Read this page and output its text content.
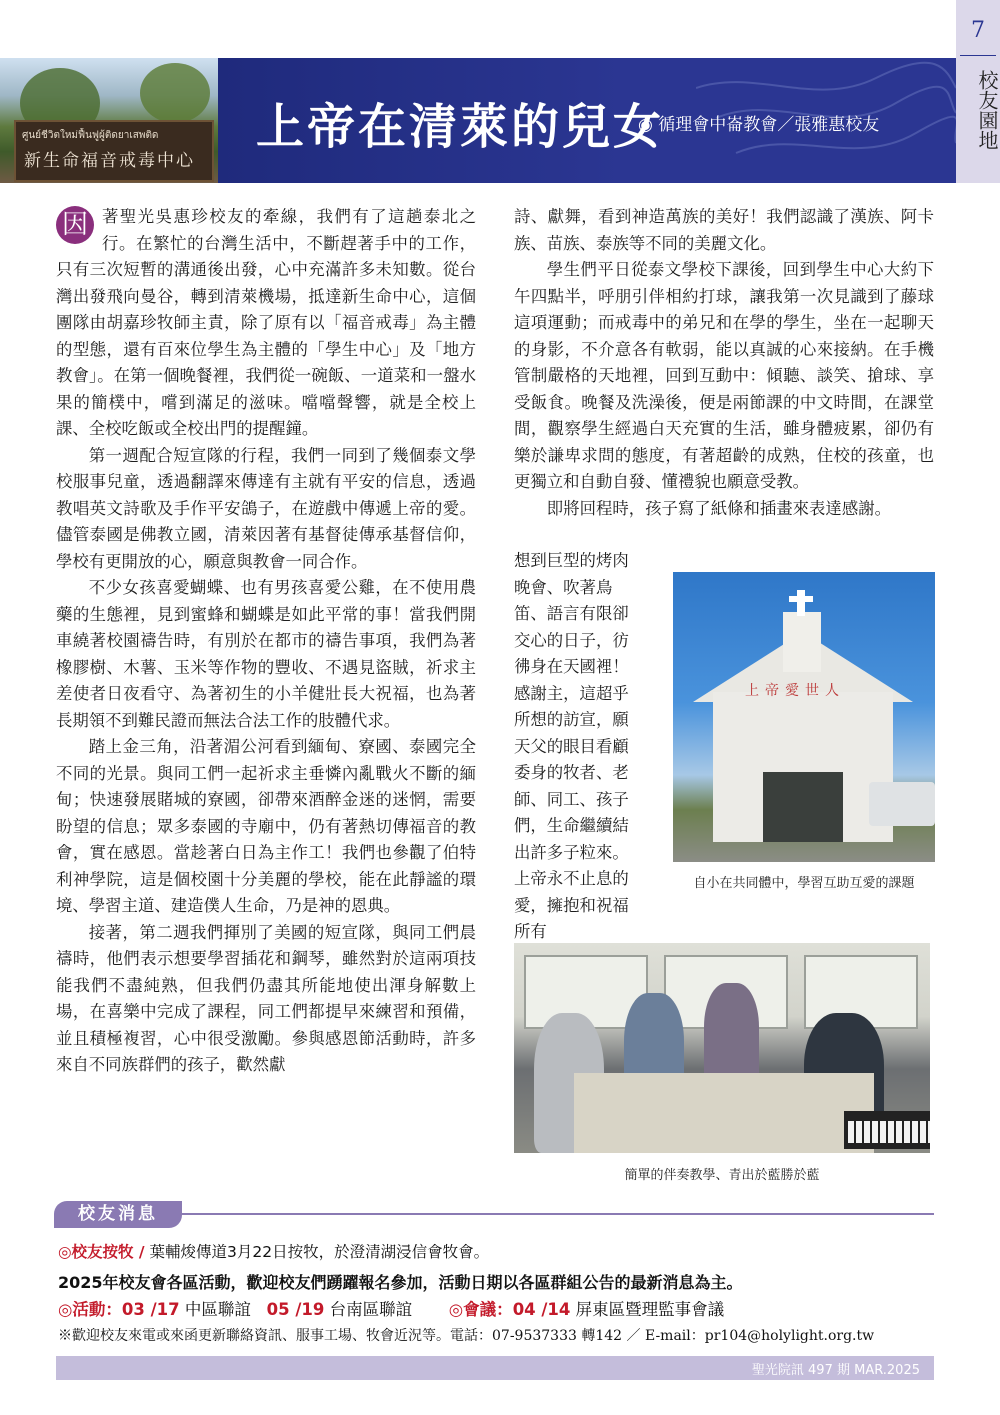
ศูนย์ชีวิตใหม่ฟื้นฟูผู้ติดยาเสพติด
新生命福音戒毒中心
上帝在清萊的兒女
◉ 循理會中崙教會／張雅惠校友
7
校友園地

因 著聖光吳惠珍校友的牽線，我們有了這趟泰北之行。在繁忙的台灣生活中，不斷趕著手中的工作，只有三次短暫的溝通後出發，心中充滿許多未知數。從台灣出發飛向曼谷，轉到清萊機場，抵達新生命中心，這個團隊由胡嘉珍牧師主責，除了原有以「福音戒毒」為主體的型態，還有百來位學生為主體的「學生中心」及「地方教會」。在第一個晚餐裡，我們從一碗飯、一道菜和一盤水果的簡樸中，嚐到滿足的滋味。噹噹聲響，就是全校上課、全校吃飯或全校出門的提醒鐘。

第一週配合短宣隊的行程，我們一同到了幾個泰文學校服事兒童，透過翻譯來傳達有主就有平安的信息，透過教唱英文詩歌及手作平安鴿子，在遊戲中傳遞上帝的愛。儘管泰國是佛教立國，清萊因著有基督徒傳承基督信仰，學校有更開放的心，願意與教會一同合作。

不少女孩喜愛蝴蝶、也有男孩喜愛公雞，在不使用農藥的生態裡，見到蜜蜂和蝴蝶是如此平常的事！當我們開車繞著校園禱告時，有別於在都市的禱告事項，我們為著橡膠樹、木薯、玉米等作物的豐收、不遇見盜賊，祈求主差使者日夜看守、為著初生的小羊健壯長大祝福，也為著長期領不到難民證而無法合法工作的肢體代求。

踏上金三角，沿著湄公河看到緬甸、寮國、泰國完全不同的光景。與同工們一起祈求主垂憐內亂戰火不斷的緬甸；快速發展賭城的寮國，卻帶來酒醉金迷的迷惘，需要盼望的信息；眾多泰國的寺廟中，仍有著熱切傳福音的教會，實在感恩。當趁著白日為主作工！我們也參觀了伯特利神學院，這是個校園十分美麗的學校，能在此靜謐的環境、學習主道、建造僕人生命，乃是神的恩典。

接著，第二週我們揮別了美國的短宣隊，與同工們晨禱時，他們表示想要學習插花和鋼琴，雖然對於這兩項技能我們不盡純熟，但我們仍盡其所能地使出渾身解數上場，在喜樂中完成了課程，同工們都提早來練習和預備，並且積極複習，心中很受激勵。參與感恩節活動時，許多來自不同族群們的孩子，歡然獻

詩、獻舞，看到神造萬族的美好！我們認識了漢族、阿卡族、苗族、泰族等不同的美麗文化。

學生們平日從泰文學校下課後，回到學生中心大約下午四點半，呼朋引伴相約打球，讓我第一次見識到了藤球這項運動；而戒毒中的弟兄和在學的學生，坐在一起聊天的身影，不介意各有軟弱，能以真誠的心來接納。在手機管制嚴格的天地裡，回到互動中：傾聽、談笑、搶球、享受飯食。晚餐及洗澡後，便是兩節課的中文時間，在課堂間，觀察學生經過白天充實的生活，雖身體疲累，卻仍有樂於謙卑求問的態度，有著超齡的成熟，住校的孩童，也更獨立和自動自發、懂禮貌也願意受教。

即將回程時，孩子寫了紙條和插畫來表達感謝。

想到巨型的烤肉晚會、吹著鳥笛、語言有限卻交心的日子，彷彿身在天國裡！感謝主，這超乎所想的訪宣，願天父的眼目看顧委身的牧者、老師、同工、孩子們，生命繼續結出許多子粒來。上帝永不止息的愛，擁抱和祝福所有

上帝愛世人
自小在共同體中，學習互助互愛的課題
簡單的伴奏教學、青出於藍勝於藍
校友消息
◎校友按牧 / 葉輔焌傳道3月22日按牧，於澄清湖浸信會牧會。
2025年校友會各區活動，歡迎校友們踴躍報名參加，活動日期以各區群組公告的最新消息為主。
◎活動：03 /17 中區聯誼 05 /19 台南區聯誼 ◎會議：04 /14 屏東區暨理監事會議
※歡迎校友來電或來函更新聯絡資訊、服事工場、牧會近況等。電話：07-9537333 轉142 ／ E-mail：pr104@holylight.org.tw
聖光院訊 497 期 MAR.2025
